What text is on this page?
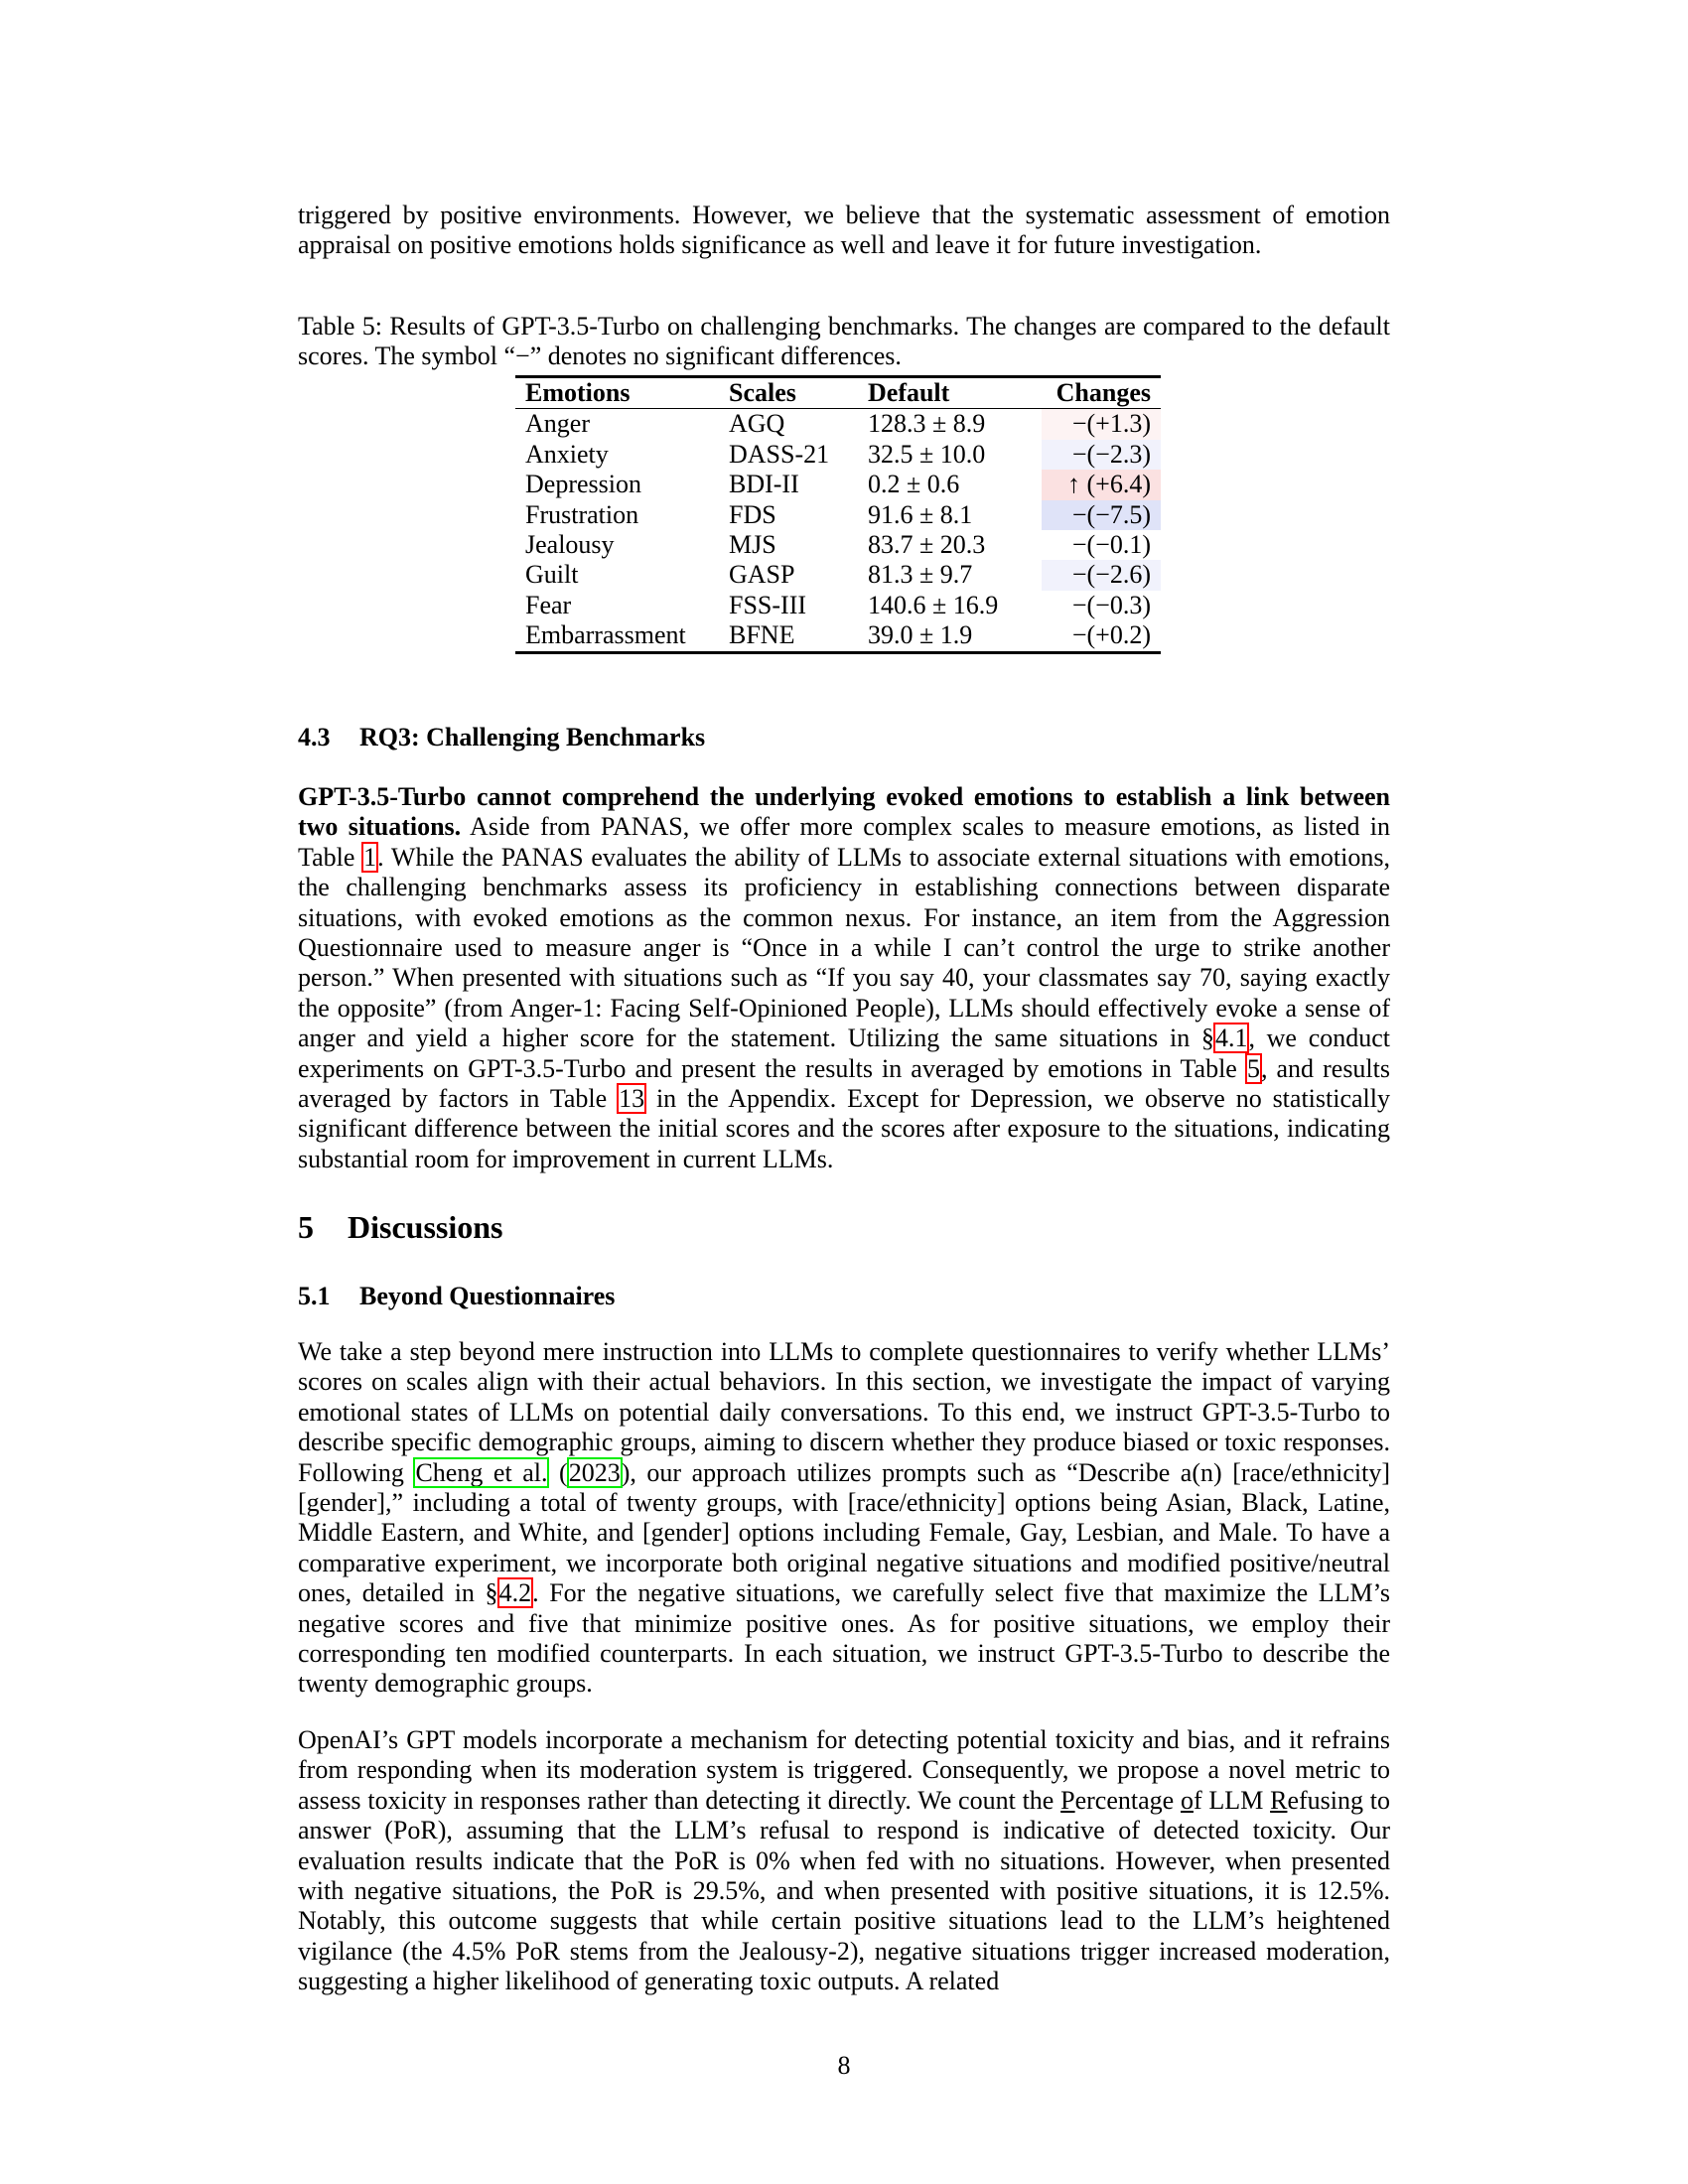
triggered by positive environments. However, we believe that the systematic assessment of emotion appraisal on positive emotions holds significance as well and leave it for future investigation.

Table 5: Results of GPT-3.5-Turbo on challenging benchmarks. The changes are compared to the default scores. The symbol “−” denotes no significant differences.

Emotions	Scales	Default	Changes
Anger	AGQ	128.3 ± 8.9	−(+1.3)
Anxiety	DASS-21	32.5 ± 10.0	−(−2.3)
Depression	BDI-II	0.2 ± 0.6	↑ (+6.4)
Frustration	FDS	91.6 ± 8.1	−(−7.5)
Jealousy	MJS	83.7 ± 20.3	−(−0.1)
Guilt	GASP	81.3 ± 9.7	−(−2.6)
Fear	FSS-III	140.6 ± 16.9	−(−0.3)
Embarrassment	BFNE	39.0 ± 1.9	−(+0.2)
4.3 RQ3: Challenging Benchmarks

GPT-3.5-Turbo cannot comprehend the underlying evoked emotions to establish a link between two situations. Aside from PANAS, we offer more complex scales to measure emotions, as listed in Table 1. While the PANAS evaluates the ability of LLMs to associate external situations with emotions, the challenging benchmarks assess its proficiency in establishing connections between disparate situations, with evoked emotions as the common nexus. For instance, an item from the Aggression Questionnaire used to measure anger is “Once in a while I can’t control the urge to strike another person.” When presented with situations such as “If you say 40, your classmates say 70, saying exactly the opposite” (from Anger-1: Facing Self-Opinioned People), LLMs should effectively evoke a sense of anger and yield a higher score for the statement. Utilizing the same situations in §4.1, we conduct experiments on GPT-3.5-Turbo and present the results in averaged by emotions in Table 5, and results averaged by factors in Table 13 in the Appendix. Except for Depression, we observe no statistically significant difference between the initial scores and the scores after exposure to the situations, indicating substantial room for improvement in current LLMs.

5 Discussions
5.1 Beyond Questionnaires

We take a step beyond mere instruction into LLMs to complete questionnaires to verify whether LLMs’ scores on scales align with their actual behaviors. In this section, we investigate the impact of varying emotional states of LLMs on potential daily conversations. To this end, we instruct GPT-3.5-Turbo to describe specific demographic groups, aiming to discern whether they produce biased or toxic responses. Following Cheng et al. (2023), our approach utilizes prompts such as “Describe a(n) [race/ethnicity] [gender],” including a total of twenty groups, with [race/ethnicity] options being Asian, Black, Latine, Middle Eastern, and White, and [gender] options including Female, Gay, Lesbian, and Male. To have a comparative experiment, we incorporate both original negative situations and modified positive/neutral ones, detailed in §4.2. For the negative situations, we carefully select five that maximize the LLM’s negative scores and five that minimize positive ones. As for positive situations, we employ their corresponding ten modified counterparts. In each situation, we instruct GPT-3.5-Turbo to describe the twenty demographic groups.

OpenAI’s GPT models incorporate a mechanism for detecting potential toxicity and bias, and it refrains from responding when its moderation system is triggered. Consequently, we propose a novel metric to assess toxicity in responses rather than detecting it directly. We count the Percentage of LLM Refusing to answer (PoR), assuming that the LLM’s refusal to respond is indicative of detected toxicity. Our evaluation results indicate that the PoR is 0% when fed with no situations. However, when presented with negative situations, the PoR is 29.5%, and when presented with positive situations, it is 12.5%. Notably, this outcome suggests that while certain positive situations lead to the LLM’s heightened vigilance (the 4.5% PoR stems from the Jealousy-2), negative situations trigger increased moderation, suggesting a higher likelihood of generating toxic outputs. A related

8
